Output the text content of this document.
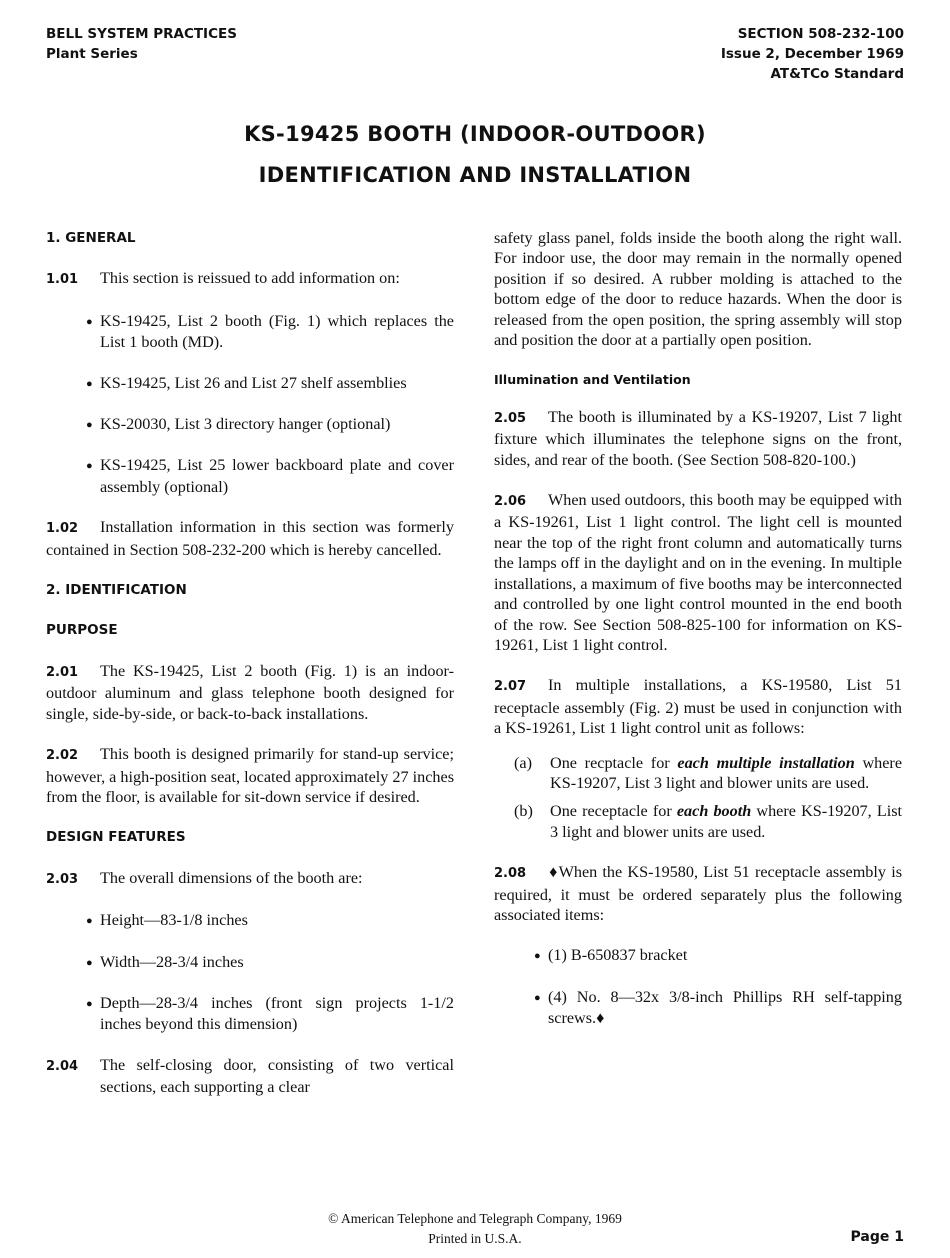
BELL SYSTEM PRACTICES
Plant Series
SECTION 508-232-100
Issue 2, December 1969
AT&TCo Standard
KS-19425 BOOTH (INDOOR-OUTDOOR)
IDENTIFICATION AND INSTALLATION
1. GENERAL
1.01 This section is reissued to add information on:
● KS-19425, List 2 booth (Fig. 1) which replaces the List 1 booth (MD).
● KS-19425, List 26 and List 27 shelf assemblies
● KS-20030, List 3 directory hanger (optional)
● KS-19425, List 25 lower backboard plate and cover assembly (optional)
1.02 Installation information in this section was formerly contained in Section 508-232-200 which is hereby cancelled.
2. IDENTIFICATION
PURPOSE
2.01 The KS-19425, List 2 booth (Fig. 1) is an indoor-outdoor aluminum and glass telephone booth designed for single, side-by-side, or back-to-back installations.
2.02 This booth is designed primarily for stand-up service; however, a high-position seat, located approximately 27 inches from the floor, is available for sit-down service if desired.
DESIGN FEATURES
2.03 The overall dimensions of the booth are:
● Height—83-1/8 inches
● Width—28-3/4 inches
● Depth—28-3/4 inches (front sign projects 1-1/2 inches beyond this dimension)
2.04 The self-closing door, consisting of two vertical sections, each supporting a clear
safety glass panel, folds inside the booth along the right wall. For indoor use, the door may remain in the normally opened position if so desired. A rubber molding is attached to the bottom edge of the door to reduce hazards. When the door is released from the open position, the spring assembly will stop and position the door at a partially open position.
Illumination and Ventilation
2.05 The booth is illuminated by a KS-19207, List 7 light fixture which illuminates the telephone signs on the front, sides, and rear of the booth. (See Section 508-820-100.)
2.06 When used outdoors, this booth may be equipped with a KS-19261, List 1 light control. The light cell is mounted near the top of the right front column and automatically turns the lamps off in the daylight and on in the evening. In multiple installations, a maximum of five booths may be interconnected and controlled by one light control mounted in the end booth of the row. See Section 508-825-100 for information on KS-19261, List 1 light control.
2.07 In multiple installations, a KS-19580, List 51 receptacle assembly (Fig. 2) must be used in conjunction with a KS-19261, List 1 light control unit as follows:
(a) One recptacle for each multiple installation where KS-19207, List 3 light and blower units are used.
(b) One receptacle for each booth where KS-19207, List 3 light and blower units are used.
2.08 ♦When the KS-19580, List 51 receptacle assembly is required, it must be ordered separately plus the following associated items:
● (1) B-650837 bracket
● (4) No. 8—32x 3/8-inch Phillips RH self-tapping screws.♦
© American Telephone and Telegraph Company, 1969
Printed in U.S.A.	Page 1
